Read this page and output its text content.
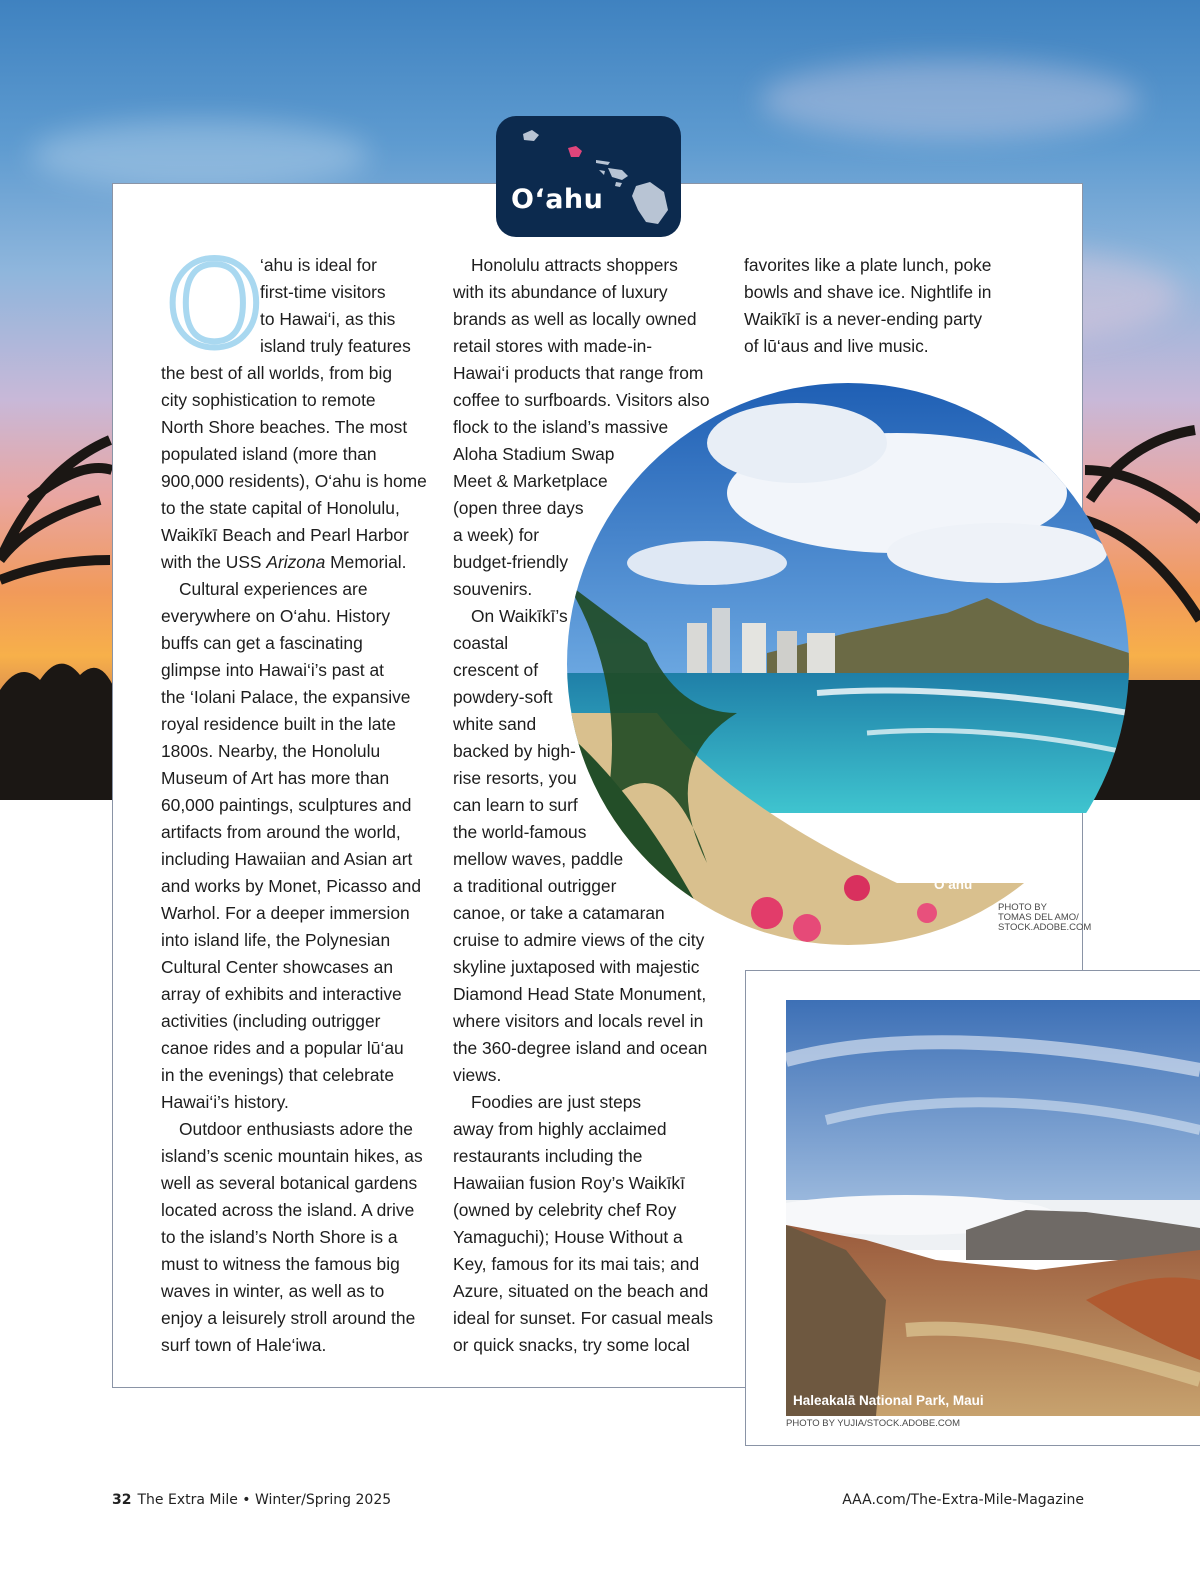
O‘ahu
O

‘ahu is ideal for
first-time visitors
to Hawai‘i, as this
island truly features
the best of all worlds, from big
city sophistication to remote
North Shore beaches. The most
populated island (more than
900,000 residents), O‘ahu is home
to the state capital of Honolulu,
Waikīkī Beach and Pearl Harbor
with the USS Arizona Memorial.

Cultural experiences are
everywhere on O‘ahu. History
buffs can get a fascinating
glimpse into Hawai‘i’s past at
the ‘Iolani Palace, the expansive
royal residence built in the late
1800s. Nearby, the Honolulu
Museum of Art has more than
60,000 paintings, sculptures and
artifacts from around the world,
including Hawaiian and Asian art
and works by Monet, Picasso and
Warhol. For a deeper immersion
into island life, the Polynesian
Cultural Center showcases an
array of exhibits and interactive
activities (including outrigger
canoe rides and a popular lū‘au
in the evenings) that celebrate
Hawai‘i’s history.

Outdoor enthusiasts adore the
island’s scenic mountain hikes, as
well as several botanical gardens
located across the island. A drive
to the island’s North Shore is a
must to witness the famous big
waves in winter, as well as to
enjoy a leisurely stroll around the
surf town of Hale‘iwa.

Honolulu attracts shoppers
with its abundance of luxury
brands as well as locally owned
retail stores with made-in-
Hawai‘i products that range from
coffee to surfboards. Visitors also
flock to the island’s massive
Aloha Stadium Swap
Meet & Marketplace
(open three days
a week) for
budget-friendly
souvenirs.

On Waikīkī’s
coastal
crescent of
powdery-soft
white sand
backed by high-
rise resorts, you
can learn to surf
the world-famous
mellow waves, paddle
a traditional outrigger
canoe, or take a catamaran
cruise to admire views of the city
skyline juxtaposed with majestic
Diamond Head State Monument,
where visitors and locals revel in
the 360-degree island and ocean
views.

Foodies are just steps
away from highly acclaimed
restaurants including the
Hawaiian fusion Roy’s Waikīkī
(owned by celebrity chef Roy
Yamaguchi); House Without a
Key, famous for its mai tais; and
Azure, situated on the beach and
ideal for sunset. For casual meals
or quick snacks, try some local

favorites like a plate lunch, poke
bowls and shave ice. Nightlife in
Waikīkī is a never-ending party
of lū‘aus and live music.

Waikīkī Beach,
O‘ahu
PHOTO BY
TOMAS DEL AMO/
STOCK.ADOBE.COM
Haleakalā National Park, Maui
PHOTO BY YUJIA/STOCK.ADOBE.COM
32 The Extra Mile • Winter/Spring 2025	AAA.com/The-Extra-Mile-Magazine
